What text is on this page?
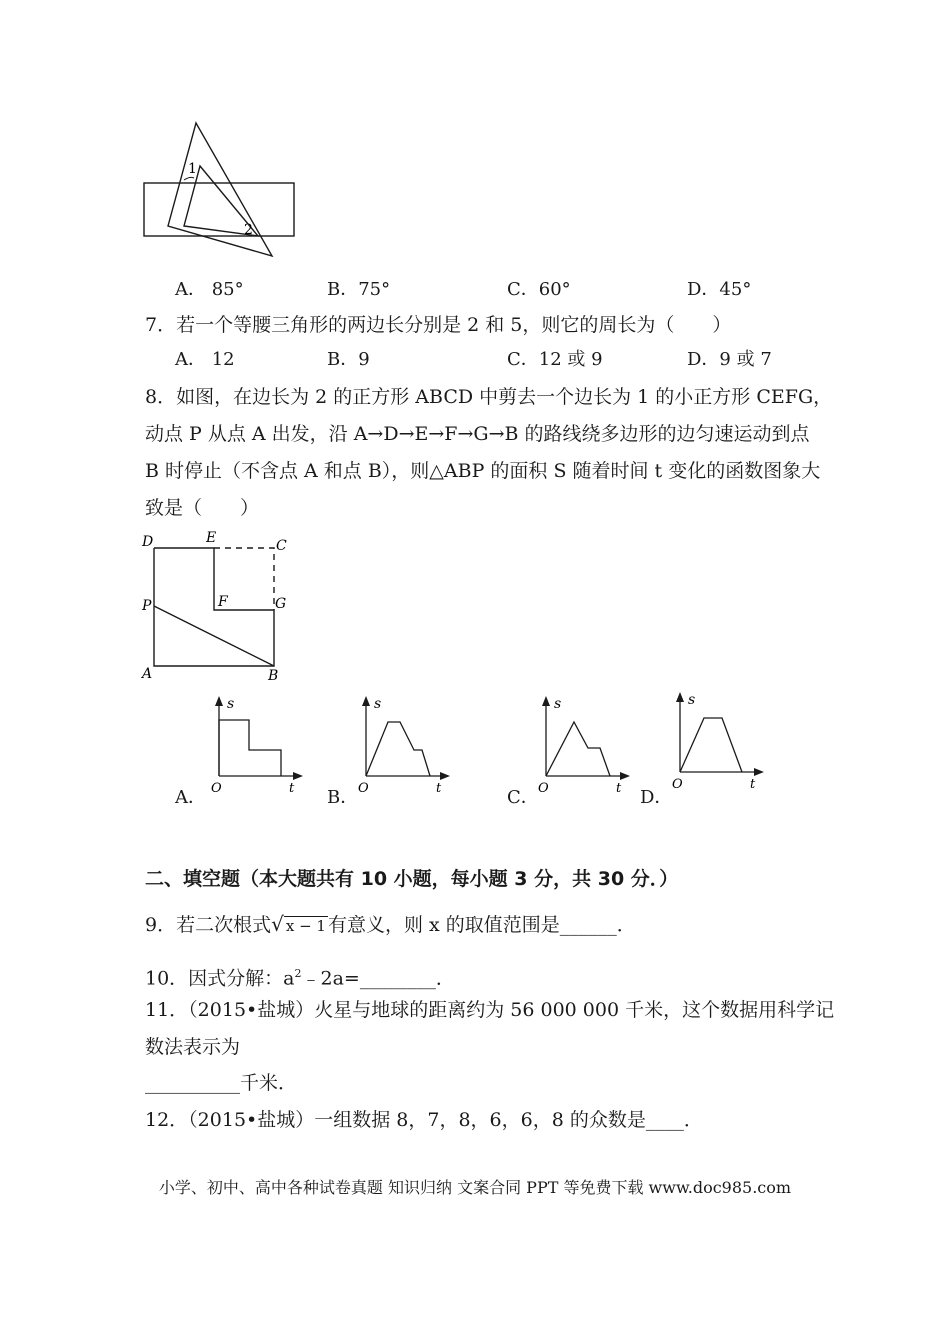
1
2
A． 85°	B．75°	C．60°	D．45°
7．若一个等腰三角形的两边长分别是 2 和 5，则它的周长为（　　）
A． 12	B．9	C．12 或 9	D．9 或 7
8．如图，在边长为 2 的正方形 ABCD 中剪去一个边长为 1 的小正方形 CEFG，
动点 P 从点 A 出发，沿 A→D→E→F→G→B 的路线绕多边形的边匀速运动到点
B 时停止（不含点 A 和点 B），则△ABP 的面积 S 随着时间 t 变化的函数图象大
致是（　　）
D	E	C
P	F	G
A	B
s
O	t
s
O	t
s
O	t
s
O	t
A．	B．	C．	D．
二、填空题（本大题共有 10 小题，每小题 3 分，共 30 分．）
9．若二次根式√ x − 1 有意义，则 x 的取值范围是______．
10．因式分解：$a^2﹣2a=\_\_\_\_\_\_\_\_$．
11．（2015•盐城）火星与地球的距离约为 56 000 000 千米，这个数据用科学记
数法表示为
__________千米．
12．（2015•盐城）一组数据 8，7，8，6，6，8 的众数是____．
小学、初中、高中各种试卷真题 知识归纳 文案合同 PPT 等免费下载 www.doc985.com
